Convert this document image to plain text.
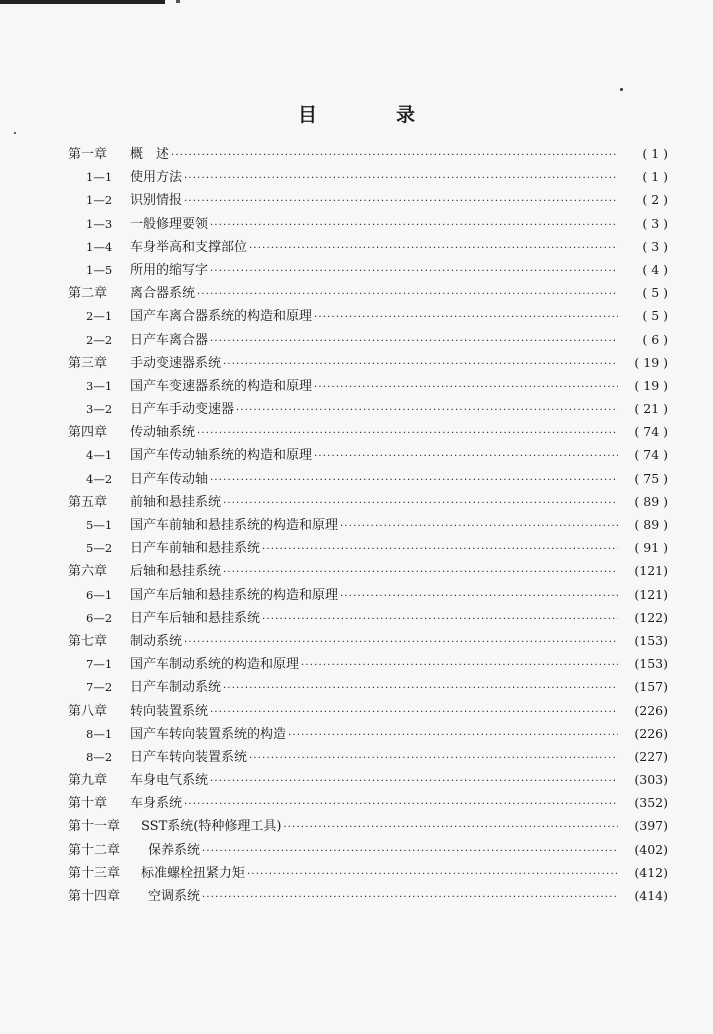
目　录
第一章	概　述 ·····	( 1 )
1—1	使用方法 ·····	( 1 )
1—2	识别情报 ·····	( 2 )
1—3	一般修理要领 ·····	( 3 )
1—4	车身举高和支撑部位 ·····	( 3 )
1—5	所用的缩写字 ·····	( 4 )
第二章	离合器系统 ·····	( 5 )
2—1	国产车离合器系统的构造和原理 ·····	( 5 )
2—2	日产车离合器 ·····	( 6 )
第三章	手动变速器系统 ·····	( 19 )
3—1	国产车变速器系统的构造和原理 ·····	( 19 )
3—2	日产车手动变速器 ·····	( 21 )
第四章	传动轴系统 ·····	( 74 )
4—1	国产车传动轴系统的构造和原理 ·····	( 74 )
4—2	日产车传动轴 ·····	( 75 )
第五章	前轴和悬挂系统 ·····	( 89 )
5—1	国产车前轴和悬挂系统的构造和原理 ·····	( 89 )
5—2	日产车前轴和悬挂系统 ·····	( 91 )
第六章	后轴和悬挂系统 ·····	(121)
6—1	国产车后轴和悬挂系统的构造和原理 ·····	(121)
6—2	日产车后轴和悬挂系统 ·····	(122)
第七章	制动系统 ·····	(153)
7—1	国产车制动系统的构造和原理 ·····	(153)
7—2	日产车制动系统 ·····	(157)
第八章	转向装置系统 ·····	(226)
8—1	国产车转向装置系统的构造 ·····	(226)
8—2	日产车转向装置系统 ·····	(227)
第九章	车身电气系统 ·····	(303)
第十章	车身系统 ·····	(352)
第十一章	SST系统(特种修理工具) ·····	(397)
第十二章	保养系统 ·····	(402)
第十三章	标准螺栓扭紧力矩 ·····	(412)
第十四章	空调系统 ·····	(414)
